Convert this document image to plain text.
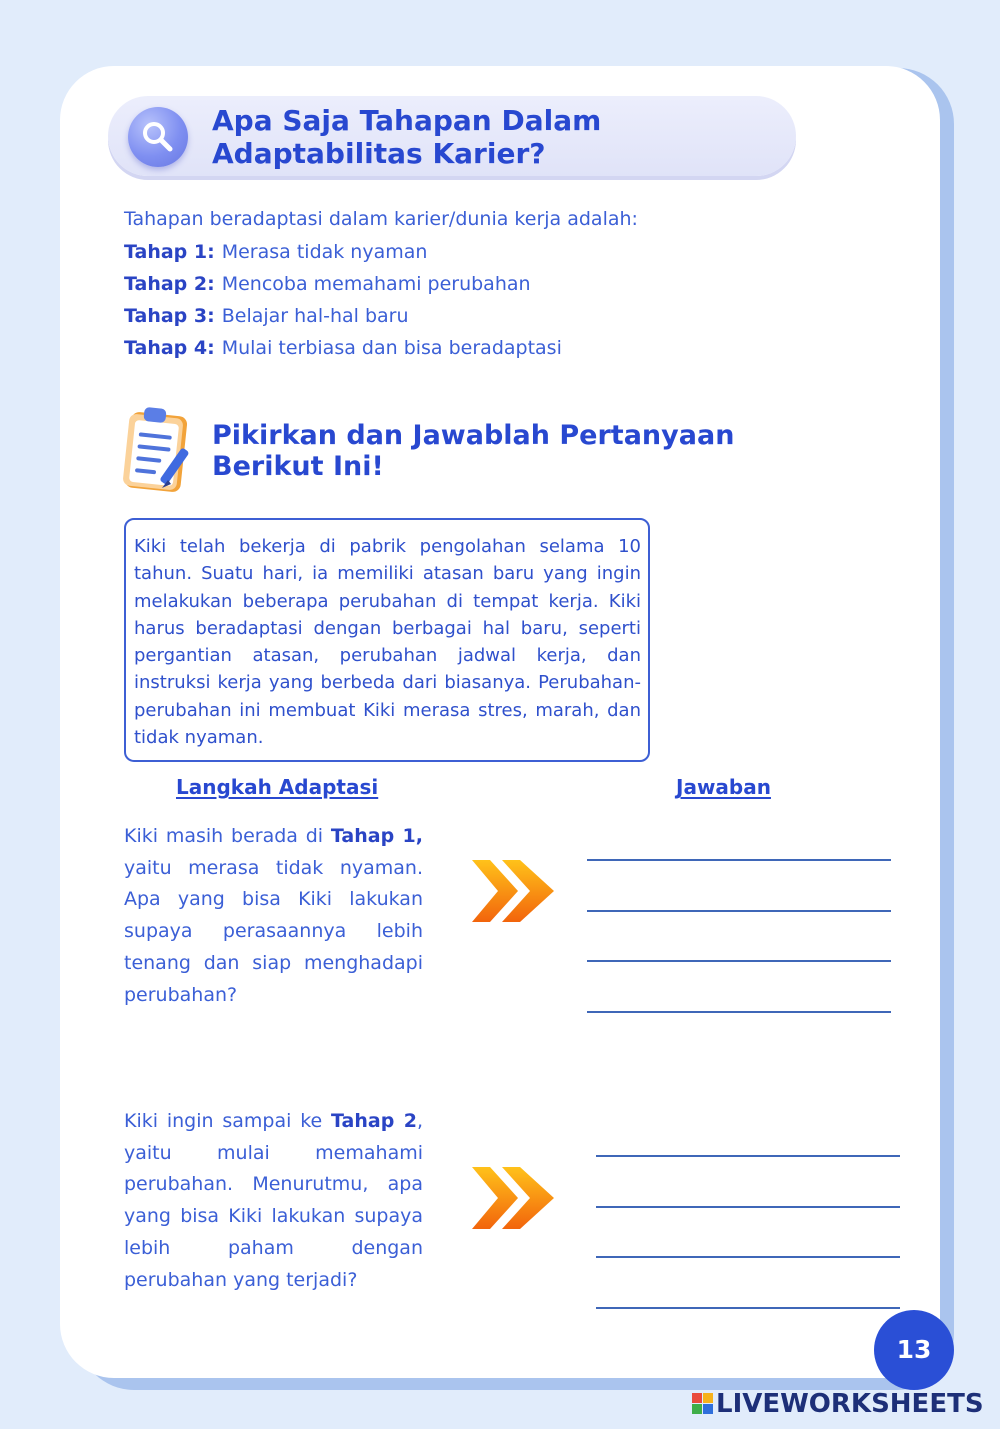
Apa Saja Tahapan Dalam Adaptabilitas Karier?
Tahapan beradaptasi dalam karier/dunia kerja adalah:
Tahap 1: Merasa tidak nyaman
Tahap 2: Mencoba memahami perubahan
Tahap 3: Belajar hal-hal baru
Tahap 4: Mulai terbiasa dan bisa beradaptasi
Pikirkan dan Jawablah Pertanyaan Berikut Ini!
Kiki telah bekerja di pabrik pengolahan selama 10 tahun. Suatu hari, ia memiliki atasan baru yang ingin melakukan beberapa perubahan di tempat kerja. Kiki harus beradaptasi dengan berbagai hal baru, seperti pergantian atasan, perubahan jadwal kerja, dan instruksi kerja yang berbeda dari biasanya. Perubahan-perubahan ini membuat Kiki merasa stres, marah, dan tidak nyaman.
Langkah Adaptasi	Jawaban
Kiki masih berada di Tahap 1, yaitu merasa tidak nyaman. Apa yang bisa Kiki lakukan supaya perasaannya lebih tenang dan siap menghadapi perubahan?
Kiki ingin sampai ke Tahap 2, yaitu mulai memahami perubahan. Menurutmu, apa yang bisa Kiki lakukan supaya lebih paham dengan perubahan yang terjadi?
13
LIVEWORKSHEETS
